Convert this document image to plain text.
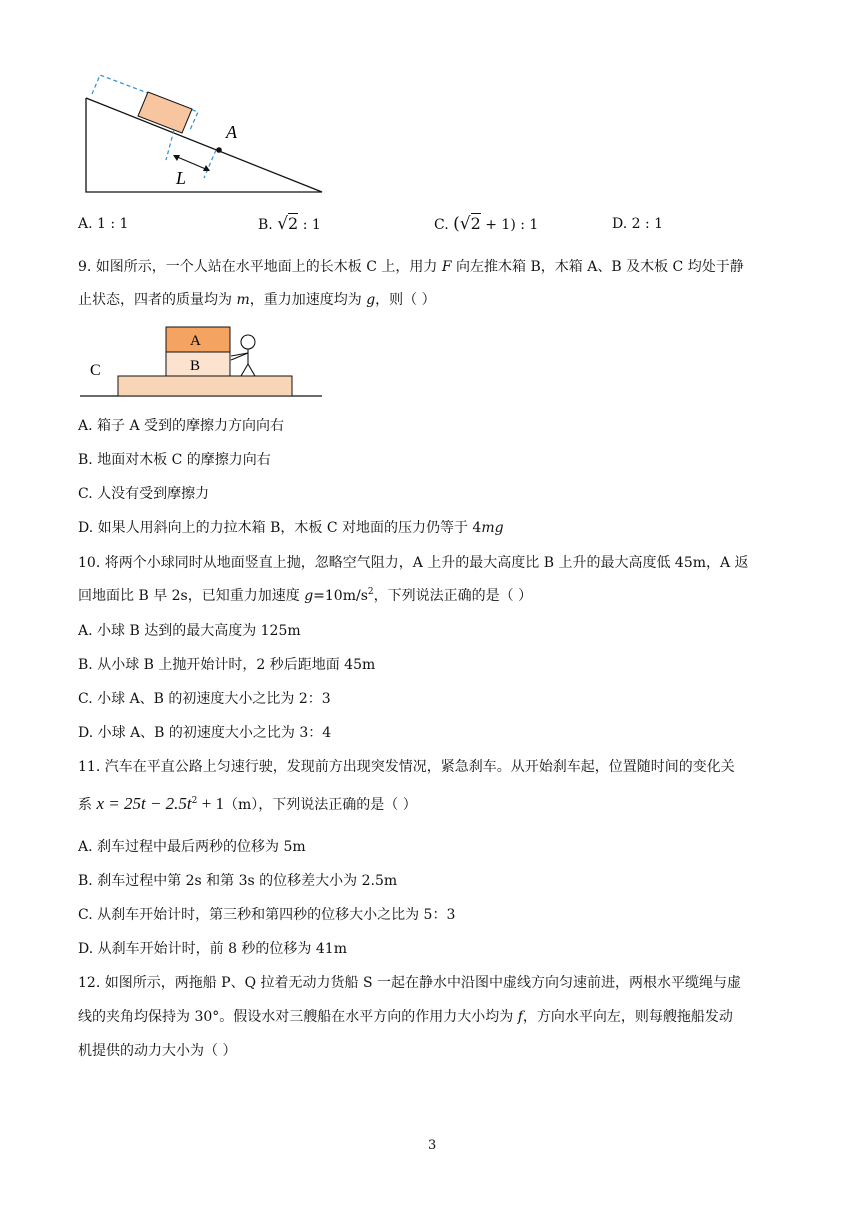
A
L
A. 1 : 1	B. √2 : 1	C. (√2 + 1) : 1	D. 2 : 1
9. 如图所示，一个人站在水平地面上的长木板 C 上，用力 F 向左推木箱 B，木箱 A、B 及木板 C 均处于静
止状态，四者的质量均为 m，重力加速度均为 g，则（ ）
A
B
C
A. 箱子 A 受到的摩擦力方向向右
B. 地面对木板 C 的摩擦力向右
C. 人没有受到摩擦力
D. 如果人用斜向上的力拉木箱 B，木板 C 对地面的压力仍等于 4mg
10. 将两个小球同时从地面竖直上抛，忽略空气阻力，A 上升的最大高度比 B 上升的最大高度低 45m，A 返
回地面比 B 早 2s，已知重力加速度 $g=10m/s^2$，下列说法正确的是（ ）
A. 小球 B 达到的最大高度为 125m
B. 从小球 B 上抛开始计时，2 秒后距地面 45m
C. 小球 A、B 的初速度大小之比为 2：3
D. 小球 A、B 的初速度大小之比为 3：4
11. 汽车在平直公路上匀速行驶，发现前方出现突发情况，紧急刹车。从开始刹车起，位置随时间的变化关
系 $x = 25t - 2.5t^2 + 1(m)$，下列说法正确的是（ ）
A. 刹车过程中最后两秒的位移为 5m
B. 刹车过程中第 2s 和第 3s 的位移差大小为 2.5m
C. 从刹车开始计时，第三秒和第四秒的位移大小之比为 5：3
D. 从刹车开始计时，前 8 秒的位移为 41m
12. 如图所示，两拖船 P、Q 拉着无动力货船 S 一起在静水中沿图中虚线方向匀速前进，两根水平缆绳与虚
线的夹角均保持为 30°。假设水对三艘船在水平方向的作用力大小均为 f，方向水平向左，则每艘拖船发动
机提供的动力大小为（ ）
3
